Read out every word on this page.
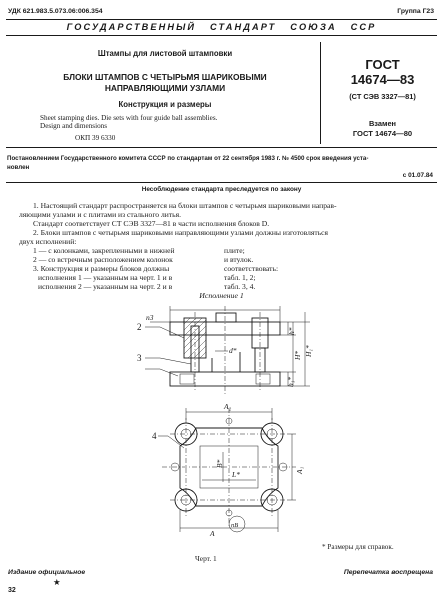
УДК 621.983.5.073.06:006.354	Группа Г23
ГОСУДАРСТВЕННЫЙ   СТАНДАРТ   СОЮЗА   ССР
Штампы для листовой штамповки
БЛОКИ ШТАМПОВ С ЧЕТЫРЬМЯ ШАРИКОВЫМИ
НАПРАВЛЯЮЩИМИ УЗЛАМИ
Конструкция и размеры
Sheet stamping dies. Die sets with four guide ball assemblies.
Design and dimensions
ОКП 39 6330
ГОСТ
14674—83
(СТ СЭВ 3327—81)
Взамен
ГОСТ 14674—80
Постановлением Государственного комитета СССР по стандартам от 22 сентября 1983 г. № 4500 срок введения уста-
новлен
с 01.07.84
Несоблюдение стандарта преследуется по закону
1. Настоящий стандарт распространяется на блоки штампов с четырьмя шариковыми направ-
ляющими узлами и с плитами из стального литья.
Стандарт соответствует СТ СЭВ 3327—81 в части исполнения блоков D.
2. Блоки штампов с четырьмя шариковыми направляющими узлами должны изготовляться
двух исполнений:
1 — с колонками, закрепленными в нижней	плите;
2 — со встречным расположением колонок	и втулок.
3. Конструкция и размеры блоков должны	соответствовать:
исполнения 1 — указанным на черт. 1 и в	табл. 1, 2;
исполнения 2 — указанным на черт. 2 и в	табл. 3, 4.
Исполнение 1
n3
2
3
d*
h*
H* H₁*
h₁*
4
A₂
A₁
B*
L*
nB
A
* Размеры для справок.
Черт. 1
Издание официальное
★
Перепечатка воспрещена
32
